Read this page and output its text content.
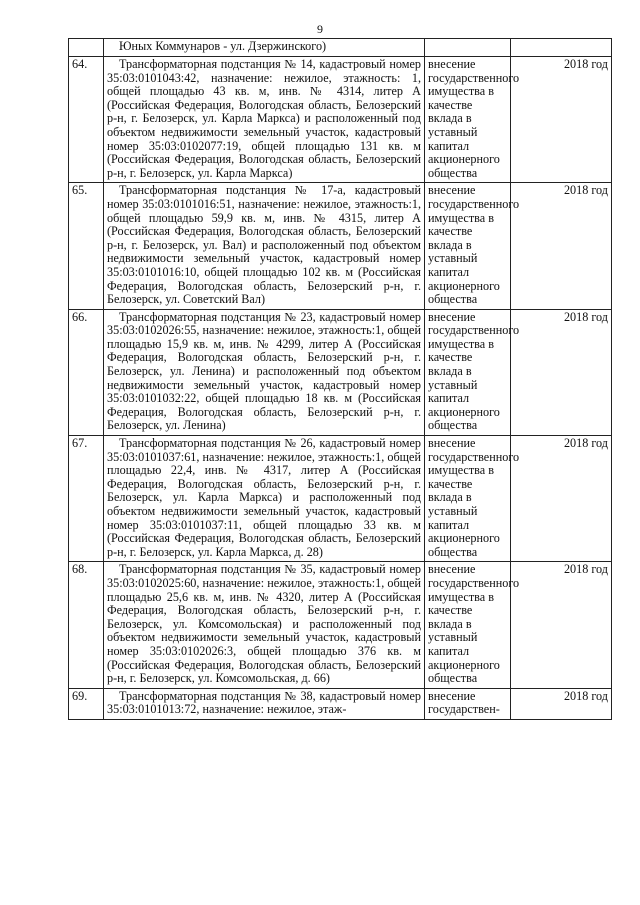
9

	Юных Коммунаров - ул. Дзержинского)		

64.	Трансформаторная подстанция № 14, кадастровый номер 35:03:0101043:42, назначение: нежилое, этажность: 1, общей площадью 43 кв. м, инв. № 4314, литер А (Российская Федерация, Вологодская область, Белозерский р-н, г. Белозерск, ул. Карла Маркса) и расположенный под объектом недвижимости земельный участок, кадастровый номер 35:03:0102077:19, общей площадью 131 кв. м (Российская Федерация, Вологодская область, Белозерский р-н, г. Белозерск, ул. Карла Маркса)	внесение государственного имущества в качестве вклада в уставный капитал акционерного общества	2018 год
65.	Трансформаторная подстанция № 17-а, кадастровый номер 35:03:0101016:51, назначение: нежилое, этажность:1, общей площадью 59,9 кв. м, инв. № 4315, литер А (Российская Федерация, Вологодская область, Белозерский р-н, г. Белозерск, ул. Вал) и расположенный под объектом недвижимости земельный участок, кадастровый номер 35:03:0101016:10, общей площадью 102 кв. м (Российская Федерация, Вологодская область, Белозерский р-н, г. Белозерск, ул. Советский Вал)	внесение государственного имущества в качестве вклада в уставный капитал акционерного общества	2018 год
66.	Трансформаторная подстанция № 23, кадастровый номер 35:03:0102026:55, назначение: нежилое, этажность:1, общей площадью 15,9 кв. м, инв. № 4299, литер А (Российская Федерация, Вологодская область, Белозерский р-н, г. Белозерск, ул. Ленина) и расположенный под объектом недвижимости земельный участок, кадастровый номер 35:03:0101032:22, общей площадью 18 кв. м (Российская Федерация, Вологодская область, Белозерский р-н, г. Белозерск, ул. Ленина)	внесение государственного имущества в качестве вклада в уставный капитал акционерного общества	2018 год
67.	Трансформаторная подстанция № 26, кадастровый номер 35:03:0101037:61, назначение: нежилое, этажность:1, общей площадью 22,4, инв. № 4317, литер А (Российская Федерация, Вологодская область, Белозерский р-н, г. Белозерск, ул. Карла Маркса) и расположенный под объектом недвижимости земельный участок, кадастровый номер 35:03:0101037:11, общей площадью 33 кв. м (Российская Федерация, Вологодская область, Белозерский р-н, г. Белозерск, ул. Карла Маркса, д. 28)	внесение государственного имущества в качестве вклада в уставный капитал акционерного общества	2018 год
68.	Трансформаторная подстанция № 35, кадастровый номер 35:03:0102025:60, назначение: нежилое, этажность:1, общей площадью 25,6 кв. м, инв. № 4320, литер А (Российская Федерация, Вологодская область, Белозерский р-н, г. Белозерск, ул. Комсомольская) и расположенный под объектом недвижимости земельный участок, кадастровый номер 35:03:0102026:3, общей площадью 376 кв. м (Российская Федерация, Вологодская область, Белозерский р-н, г. Белозерск, ул. Комсомольская, д. 66)	внесение государственного имущества в качестве вклада в уставный капитал акционерного общества	2018 год
69.	Трансформаторная подстанция № 38, кадастровый номер 35:03:0101013:72, назначение: нежилое, этаж-	внесение государствен-	2018 год
